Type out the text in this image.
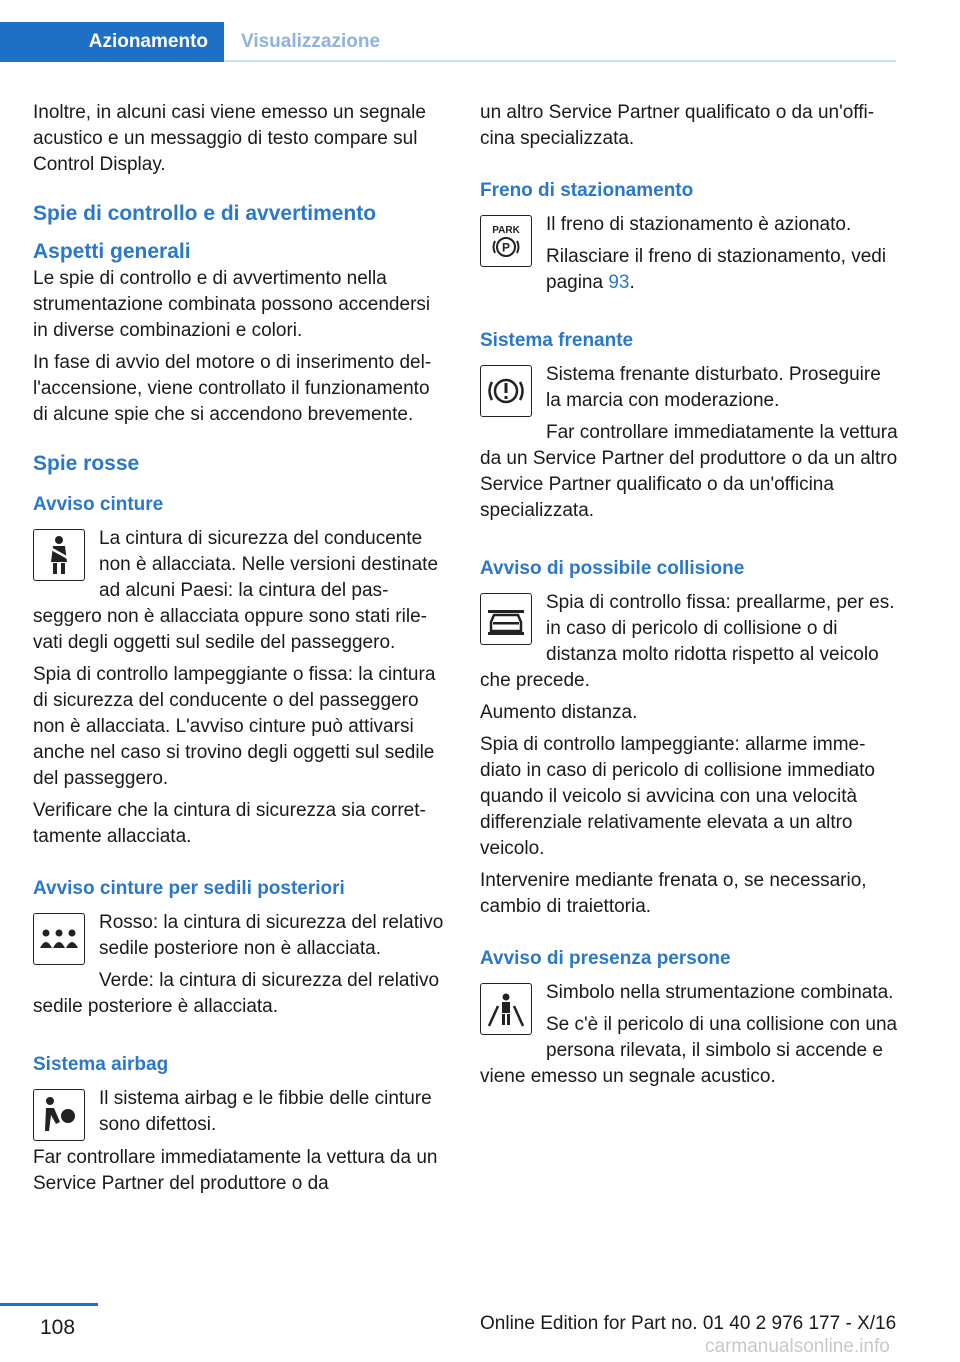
Azionamento	Visualizzazione

Inoltre, in alcuni casi viene emesso un segnale acustico e un messaggio di testo compare sul Control Display.

Spie di controllo e di avvertimento
Aspetti generali

Le spie di controllo e di avvertimento nella strumentazione combinata possono accendersi in diverse combinazioni e colori.

In fase di avvio del motore o di inserimento dell'accensione, viene controllato il funzionamento di alcune spie che si accendono brevemente.

Spie rosse
Avviso cinture

La cintura di sicurezza del conducente non è allacciata. Nelle versioni destinate ad alcuni Paesi: la cintura del passeggero non è allacciata oppure sono stati rilevati degli oggetti sul sedile del passeggero.

Spia di controllo lampeggiante o fissa: la cintura di sicurezza del conducente o del passeggero non è allacciata. L'avviso cinture può attivarsi anche nel caso si trovino degli oggetti sul sedile del passeggero.

Verificare che la cintura di sicurezza sia correttamente allacciata.

Avviso cinture per sedili posteriori

Rosso: la cintura di sicurezza del relativo sedile posteriore non è allacciata.

Verde: la cintura di sicurezza del relativo sedile posteriore è allacciata.

Sistema airbag

Il sistema airbag e le fibbie delle cinture sono difettosi.

Far controllare immediatamente la vettura da un Service Partner del produttore o da

un altro Service Partner qualificato o da un'officina specializzata.

Freno di stazionamento
PARK
P

Il freno di stazionamento è azionato.

Rilasciare il freno di stazionamento, vedi pagina 93.

Sistema frenante

Sistema frenante disturbato. Proseguire la marcia con moderazione.

Far controllare immediatamente la vettura da un Service Partner del produttore o da un altro Service Partner qualificato o da un'officina specializzata.

Avviso di possibile collisione

Spia di controllo fissa: preallarme, per es. in caso di pericolo di collisione o di distanza molto ridotta rispetto al veicolo che precede.

Aumento distanza.

Spia di controllo lampeggiante: allarme immediato in caso di pericolo di collisione immediato quando il veicolo si avvicina con una velocità differenziale relativamente elevata a un altro veicolo.

Intervenire mediante frenata o, se necessario, cambio di traiettoria.

Avviso di presenza persone

Simbolo nella strumentazione combinata.

Se c'è il pericolo di una collisione con una persona rilevata, il simbolo si accende e viene emesso un segnale acustico.

108	Online Edition for Part no. 01 40 2 976 177 - X/16
carmanualsonline.info
